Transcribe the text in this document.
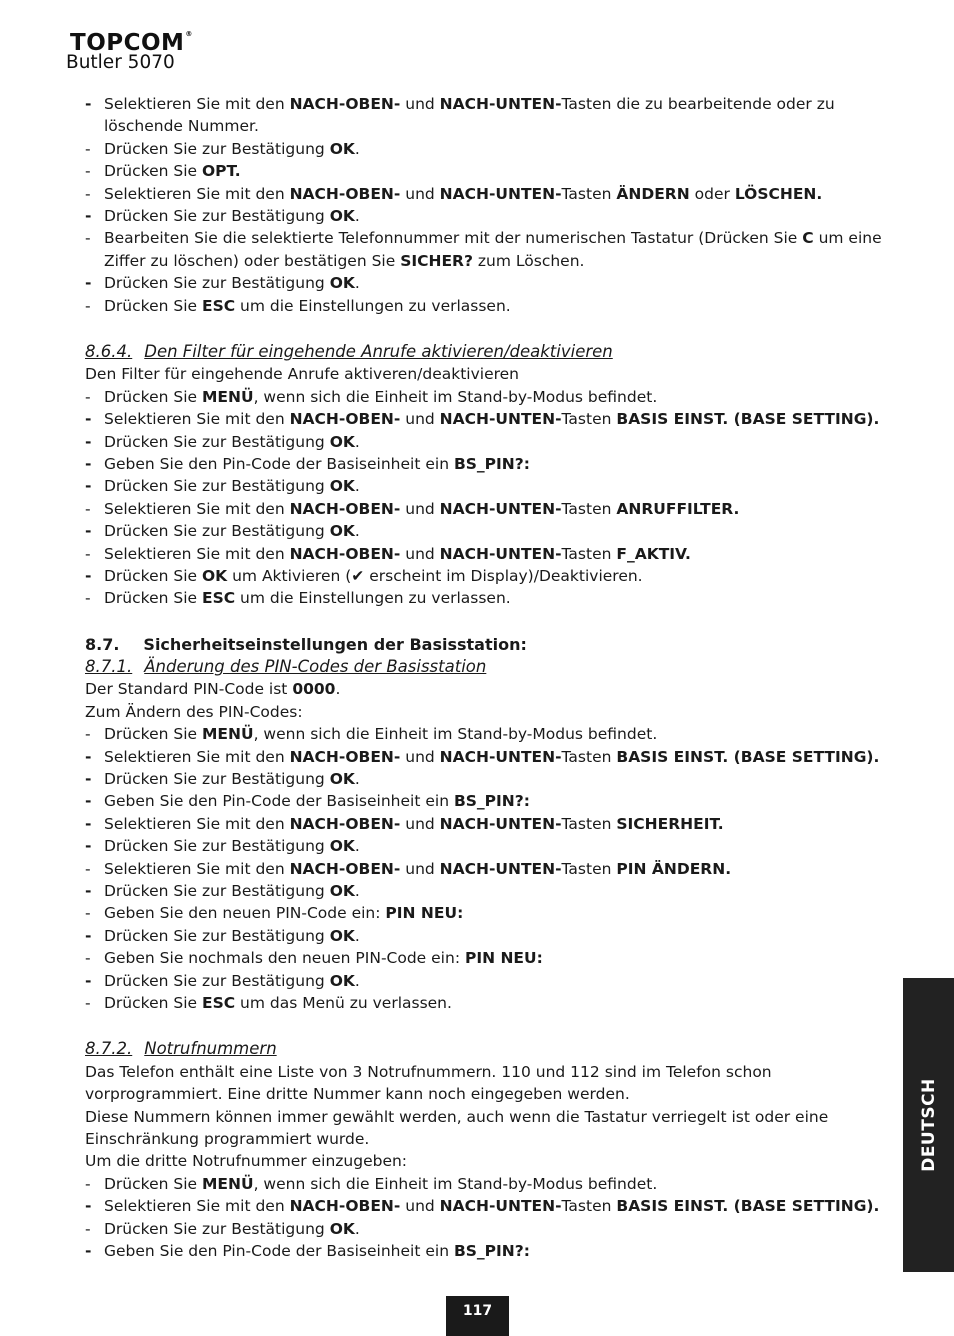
TOPCOM®
Butler 5070
- Selektieren Sie mit den NACH-OBEN- und NACH-UNTEN-Tasten die zu bearbeitende oder zu löschende Nummer.
- Drücken Sie zur Bestätigung OK.
- Drücken Sie OPT.
- Selektieren Sie mit den NACH-OBEN- und NACH-UNTEN-Tasten ÄNDERN oder LÖSCHEN.
- Drücken Sie zur Bestätigung OK.
- Bearbeiten Sie die selektierte Telefonnummer mit der numerischen Tastatur (Drücken Sie C um eine Ziffer zu löschen) oder bestätigen Sie SICHER? zum Löschen.
- Drücken Sie zur Bestätigung OK.
- Drücken Sie ESC um die Einstellungen zu verlassen.
8.6.4. Den Filter für eingehende Anrufe aktivieren/deaktivieren
Den Filter für eingehende Anrufe aktiveren/deaktivieren
- Drücken Sie MENÜ, wenn sich die Einheit im Stand-by-Modus befindet.
- Selektieren Sie mit den NACH-OBEN- und NACH-UNTEN-Tasten BASIS EINST. (BASE SETTING).
- Drücken Sie zur Bestätigung OK.
- Geben Sie den Pin-Code der Basiseinheit ein BS_PIN?:
- Drücken Sie zur Bestätigung OK.
- Selektieren Sie mit den NACH-OBEN- und NACH-UNTEN-Tasten ANRUFFILTER.
- Drücken Sie zur Bestätigung OK.
- Selektieren Sie mit den NACH-OBEN- und NACH-UNTEN-Tasten F_AKTIV.
- Drücken Sie OK um Aktivieren (✔ erscheint im Display)/Deaktivieren.
- Drücken Sie ESC um die Einstellungen zu verlassen.
8.7. Sicherheitseinstellungen der Basisstation:
8.7.1. Änderung des PIN-Codes der Basisstation
Der Standard PIN-Code ist 0000.
Zum Ändern des PIN-Codes:
- Drücken Sie MENÜ, wenn sich die Einheit im Stand-by-Modus befindet.
- Selektieren Sie mit den NACH-OBEN- und NACH-UNTEN-Tasten BASIS EINST. (BASE SETTING).
- Drücken Sie zur Bestätigung OK.
- Geben Sie den Pin-Code der Basiseinheit ein BS_PIN?:
- Selektieren Sie mit den NACH-OBEN- und NACH-UNTEN-Tasten SICHERHEIT.
- Drücken Sie zur Bestätigung OK.
- Selektieren Sie mit den NACH-OBEN- und NACH-UNTEN-Tasten PIN ÄNDERN.
- Drücken Sie zur Bestätigung OK.
- Geben Sie den neuen PIN-Code ein: PIN NEU:
- Drücken Sie zur Bestätigung OK.
- Geben Sie nochmals den neuen PIN-Code ein: PIN NEU:
- Drücken Sie zur Bestätigung OK.
- Drücken Sie ESC um das Menü zu verlassen.
8.7.2. Notrufnummern
Das Telefon enthält eine Liste von 3 Notrufnummern. 110 und 112 sind im Telefon schon vorprogrammiert. Eine dritte Nummer kann noch eingegeben werden.
Diese Nummern können immer gewählt werden, auch wenn die Tastatur verriegelt ist oder eine Einschränkung programmiert wurde.
Um die dritte Notrufnummer einzugeben:
- Drücken Sie MENÜ, wenn sich die Einheit im Stand-by-Modus befindet.
- Selektieren Sie mit den NACH-OBEN- und NACH-UNTEN-Tasten BASIS EINST. (BASE SETTING).
- Drücken Sie zur Bestätigung OK.
- Geben Sie den Pin-Code der Basiseinheit ein BS_PIN?:
DEUTSCH
117
